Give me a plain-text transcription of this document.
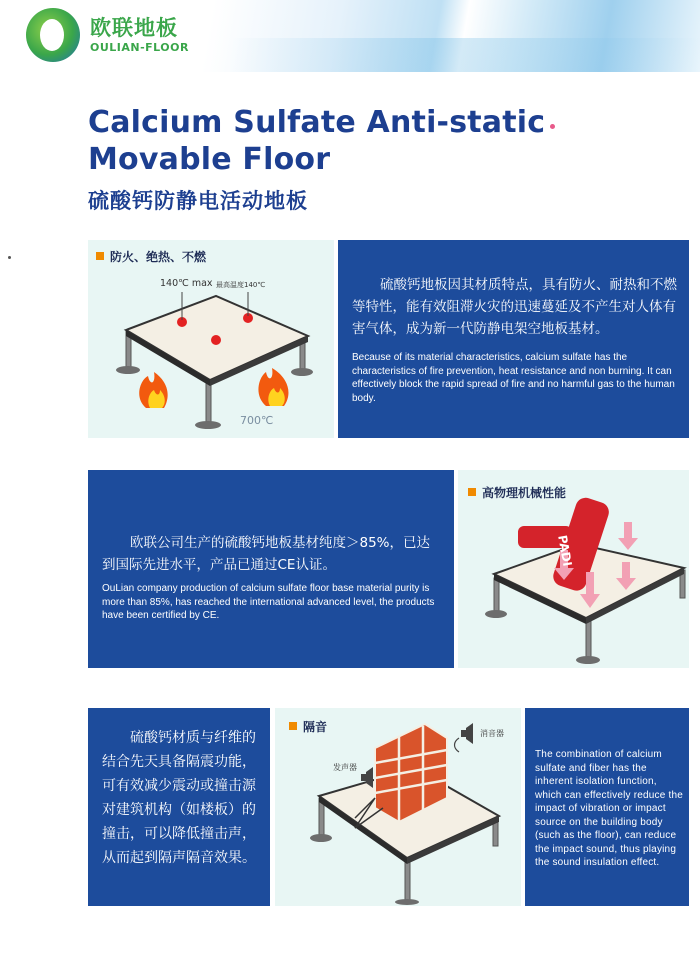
欧联地板
OULIAN-FLOOR
Calcium Sulfate Anti-static
Movable Floor
硫酸钙防静电活动地板
防火、绝热、不燃
140℃ max 最高温度140℃
700℃
硫酸钙地板因其材质特点，具有防火、耐热和不燃等特性，能有效阻滞火灾的迅速蔓延及不产生对人体有害气体，成为新一代防静电架空地板基材。
Because of its material characteristics, calcium sulfate has the characteristics of fire prevention, heat resistance and non burning. It can effectively block the rapid spread of fire and no harmful gas to the human body.
欧联公司生产的硫酸钙地板基材纯度＞85%，已达到国际先进水平，产品已通过CE认证。
OuLian company production of calcium sulfate floor base material purity is more than 85%, has reached the international advanced level, the products have been certified by CE.
高物理机械性能
PADI
硫酸钙材质与纤维的结合先天具备隔震功能，可有效减少震动或撞击源对建筑机构（如楼板）的撞击，可以降低撞击声，从而起到隔声隔音效果。
隔音
发声器
消音器
The combination of calcium sulfate and fiber has the inherent isolation function, which can effectively reduce the impact of vibration or impact source on the building body (such as the floor), can reduce the impact sound, thus playing the sound insulation effect.
